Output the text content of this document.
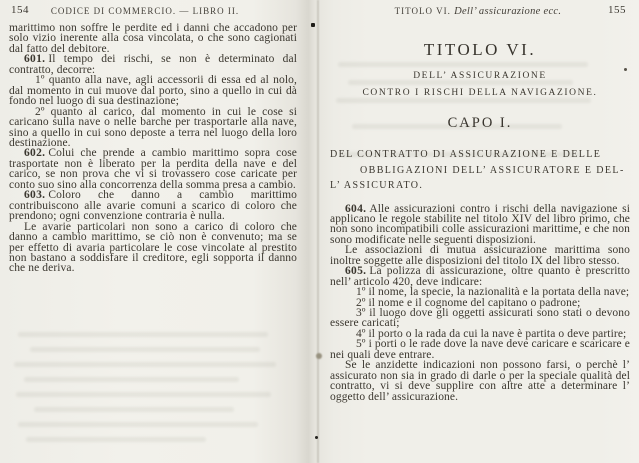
154	CODICE DI COMMERCIO. — LIBRO II.

marittimo non soffre le perdite ed i danni che accadono per solo vizio inerente alla cosa vincolata, o che sono cagionati dal fatto del debitore.

601. Il tempo dei rischi, se non è determinato dal contratto, decorre:

1º quanto alla nave, agli accessorii di essa ed al nolo, dal momento in cui muove dal porto, sino a quello in cui dà fondo nel luogo di sua destinazione;

2º quanto al carico, dal momento in cui le cose si caricano sulla nave o nelle barche per trasportarle alla nave, sino a quello in cui sono deposte a terra nel luogo della loro destinazione.

602. Colui che prende a cambio marittimo sopra cose trasportate non è liberato per la perdita della nave e del carico, se non prova che vi si trovassero cose caricate per conto suo sino alla concorrenza della somma presa a cambio.

603. Coloro che danno a cambio marittimo contribuiscono alle avarie comuni a scarico di coloro che prendono; ogni convenzione contraria è nulla.

Le avarie particolari non sono a carico di coloro che danno a cambio marittimo, se ciò non è convenuto; ma se per effetto di avaria particolare le cose vincolate al prestito non bastano a soddisfare il creditore, egli sopporta il danno che ne deriva.

TITOLO VI. Dell’ assicurazione ecc.	155
TITOLO VI.
DELL’ ASSICURAZIONE
CONTRO I RISCHI DELLA NAVIGAZIONE.
CAPO I.
DEL CONTRATTO DI ASSICURAZIONE E DELLE
OBBLIGAZIONI DELL’ ASSICURATORE E DEL-
L’ ASSICURATO.

604. Alle assicurazioni contro i rischi della navigazione si applicano le regole stabilite nel titolo XIV del libro primo, che non sono incompatibili colle assicurazioni marittime, e che non sono modificate nelle seguenti disposizioni.

Le associazioni di mutua assicurazione marittima sono inoltre soggette alle disposizioni del titolo IX del libro stesso.

605. La polizza di assicurazione, oltre quanto è prescritto nell’ articolo 420, deve indicare:

1º il nome, la specie, la nazionalità e la portata della nave;

2º il nome e il cognome del capitano o padrone;

3º il luogo dove gli oggetti assicurati sono stati o devono essere caricati;

4º il porto o la rada da cui la nave è partita o deve partire;

5º i porti o le rade dove la nave deve caricare e scaricare e nei quali deve entrare.

Se le anzidette indicazioni non possono farsi, o perchè l’ assicurato non sia in grado di darle o per la speciale qualità del contratto, vi si deve supplire con altre atte a determinare l’ oggetto dell’ assicurazione.
